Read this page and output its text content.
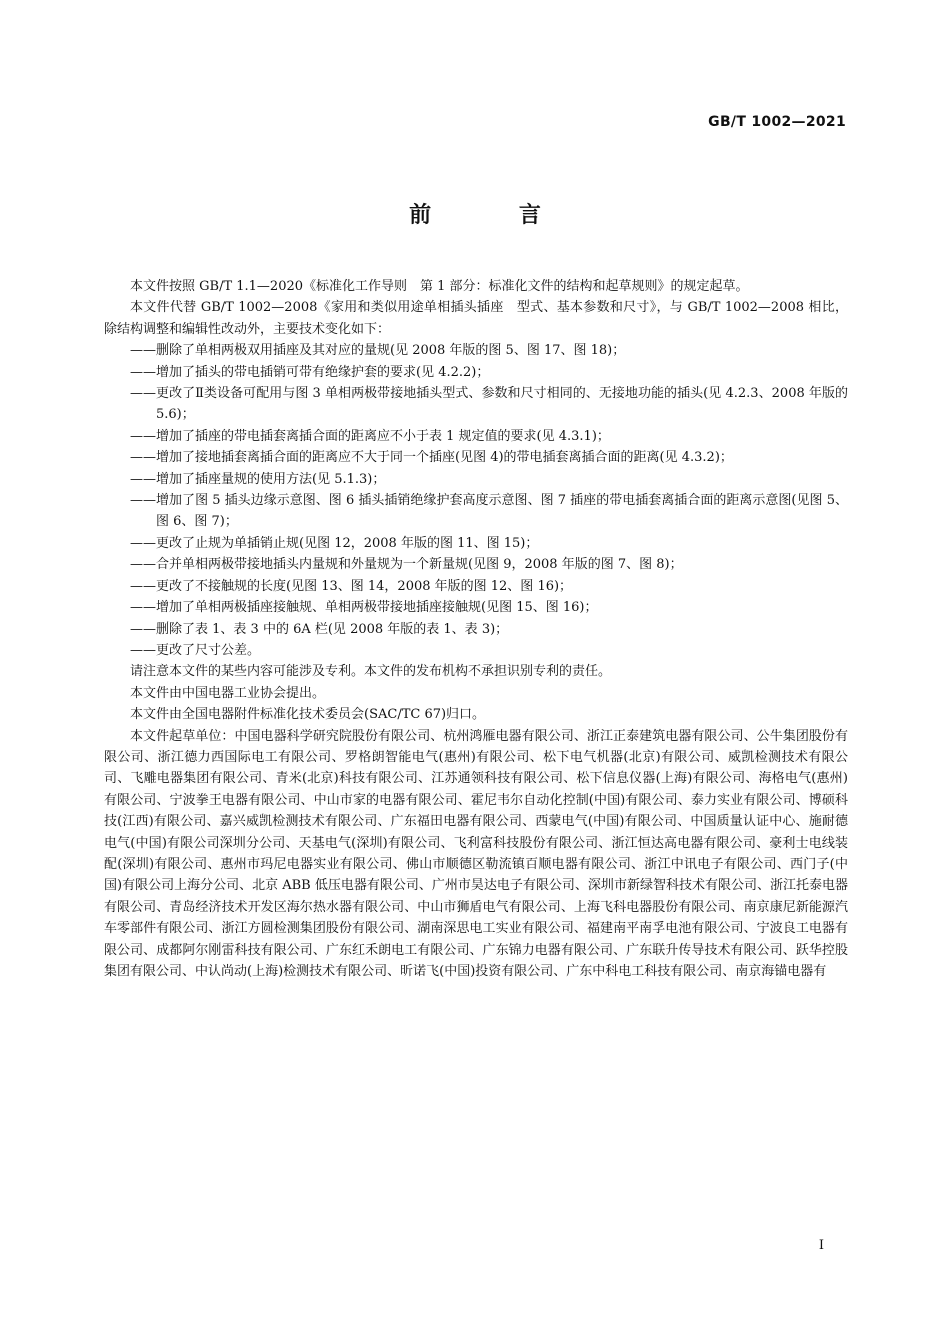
GB/T 1002—2021
前 言

本文件按照 GB/T 1.1—2020《标准化工作导则　第 1 部分：标准化文件的结构和起草规则》的规定起草。

本文件代替 GB/T 1002—2008《家用和类似用途单相插头插座　型式、基本参数和尺寸》，与 GB/T 1002—2008 相比，除结构调整和编辑性改动外，主要技术变化如下：

——删除了单相两极双用插座及其对应的量规(见 2008 年版的图 5、图 17、图 18)；

——增加了插头的带电插销可带有绝缘护套的要求(见 4.2.2)；

——更改了Ⅱ类设备可配用与图 3 单相两极带接地插头型式、参数和尺寸相同的、无接地功能的插头(见 4.2.3、2008 年版的 5.6)；

——增加了插座的带电插套离插合面的距离应不小于表 1 规定值的要求(见 4.3.1)；

——增加了接地插套离插合面的距离应不大于同一个插座(见图 4)的带电插套离插合面的距离(见 4.3.2)；

——增加了插座量规的使用方法(见 5.1.3)；

——增加了图 5 插头边缘示意图、图 6 插头插销绝缘护套高度示意图、图 7 插座的带电插套离插合面的距离示意图(见图 5、图 6、图 7)；

——更改了止规为单插销止规(见图 12，2008 年版的图 11、图 15)；

——合并单相两极带接地插头内量规和外量规为一个新量规(见图 9，2008 年版的图 7、图 8)；

——更改了不接触规的长度(见图 13、图 14，2008 年版的图 12、图 16)；

——增加了单相两极插座接触规、单相两极带接地插座接触规(见图 15、图 16)；

——删除了表 1、表 3 中的 6A 栏(见 2008 年版的表 1、表 3)；

——更改了尺寸公差。

请注意本文件的某些内容可能涉及专利。本文件的发布机构不承担识别专利的责任。

本文件由中国电器工业协会提出。

本文件由全国电器附件标准化技术委员会(SAC/TC 67)归口。

本文件起草单位：中国电器科学研究院股份有限公司、杭州鸿雁电器有限公司、浙江正泰建筑电器有限公司、公牛集团股份有限公司、浙江德力西国际电工有限公司、罗格朗智能电气(惠州)有限公司、松下电气机器(北京)有限公司、威凯检测技术有限公司、飞雕电器集团有限公司、青米(北京)科技有限公司、江苏通领科技有限公司、松下信息仪器(上海)有限公司、海格电气(惠州)有限公司、宁波拳王电器有限公司、中山市家的电器有限公司、霍尼韦尔自动化控制(中国)有限公司、泰力实业有限公司、博硕科技(江西)有限公司、嘉兴威凯检测技术有限公司、广东福田电器有限公司、西蒙电气(中国)有限公司、中国质量认证中心、施耐德电气(中国)有限公司深圳分公司、天基电气(深圳)有限公司、飞利富科技股份有限公司、浙江恒达高电器有限公司、豪利士电线装配(深圳)有限公司、惠州市玛尼电器实业有限公司、佛山市顺德区勒流镇百顺电器有限公司、浙江中讯电子有限公司、西门子(中国)有限公司上海分公司、北京 ABB 低压电器有限公司、广州市昊达电子有限公司、深圳市新绿智科技术有限公司、浙江托泰电器有限公司、青岛经济技术开发区海尔热水器有限公司、中山市狮盾电气有限公司、上海飞科电器股份有限公司、南京康尼新能源汽车零部件有限公司、浙江方圆检测集团股份有限公司、湖南深思电工实业有限公司、福建南平南孚电池有限公司、宁波良工电器有限公司、成都阿尔刚雷科技有限公司、广东红禾朗电工有限公司、广东锦力电器有限公司、广东联升传导技术有限公司、跃华控股集团有限公司、中认尚动(上海)检测技术有限公司、昕诺飞(中国)投资有限公司、广东中科电工科技有限公司、南京海锚电器有

I
